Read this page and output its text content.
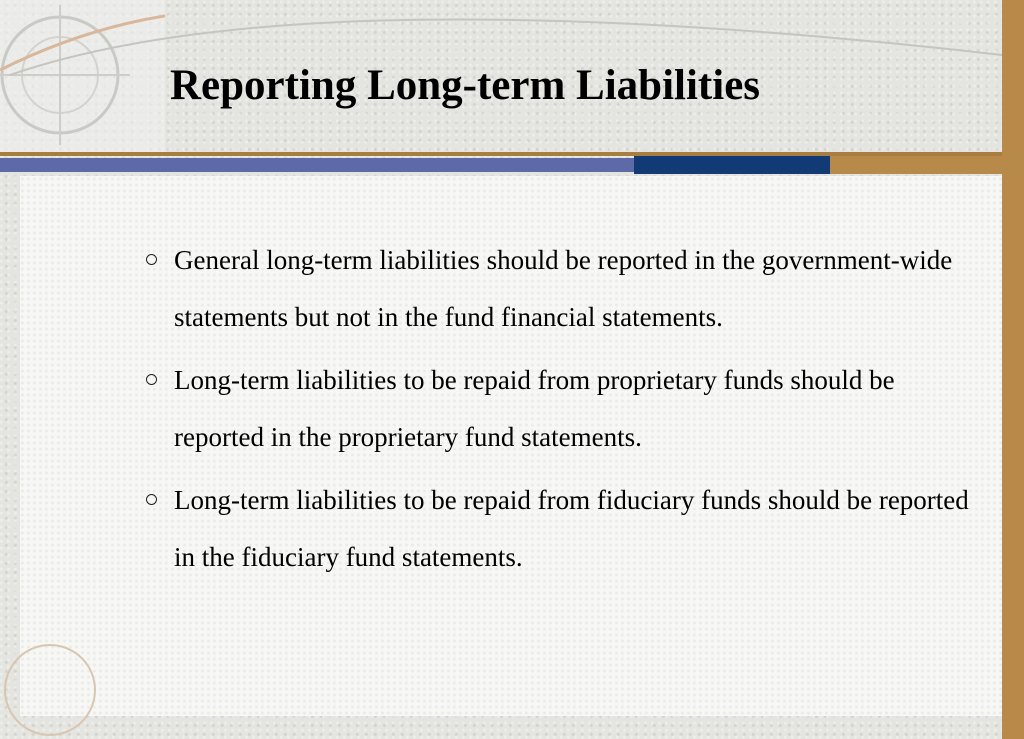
Reporting Long-term Liabilities
General long-term liabilities should be reported in the government-wide statements but not in the fund financial statements.
Long-term liabilities to be repaid from proprietary funds should be reported in the proprietary fund statements.
Long-term liabilities to be repaid from fiduciary funds should be reported in the fiduciary fund statements.
